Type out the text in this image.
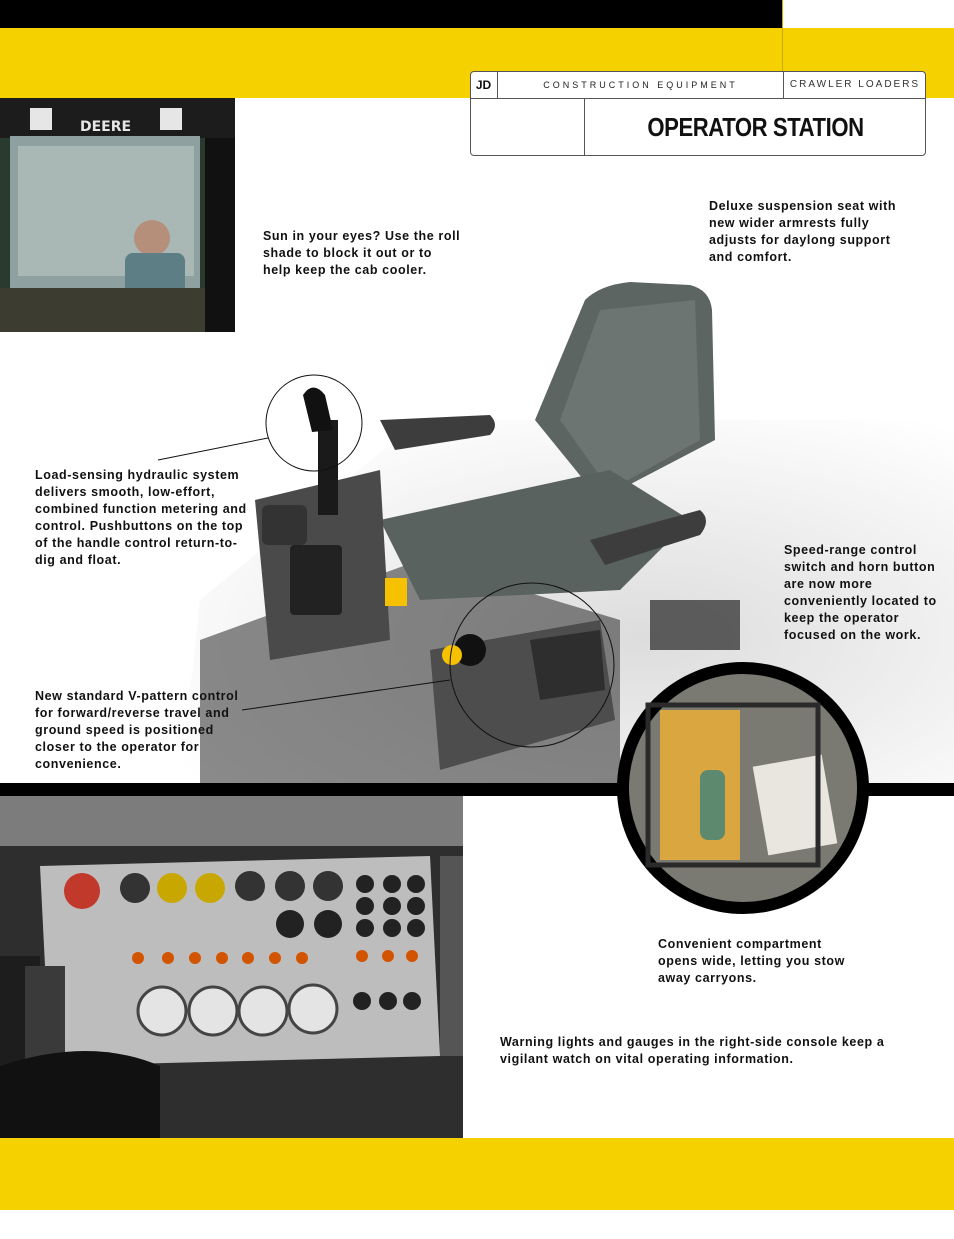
JD	CONSTRUCTION EQUIPMENT	CRAWLER LOADERS
OPERATOR STATION
DEERE
Sun in your eyes? Use the roll shade to block it out or to help keep the cab cooler.
Deluxe suspension seat with new wider armrests fully adjusts for daylong support and comfort.
Load-sensing hydraulic system delivers smooth, low-effort, combined function metering and control. Pushbuttons on the top of the handle control return-to-dig and float.
Speed-range control switch and horn button are now more conveniently located to keep the operator focused on the work.
New standard V-pattern control for forward/reverse travel and ground speed is positioned closer to the operator for convenience.
Convenient compartment opens wide, letting you stow away carryons.
Warning lights and gauges in the right-side console keep a vigilant watch on vital operating information.
